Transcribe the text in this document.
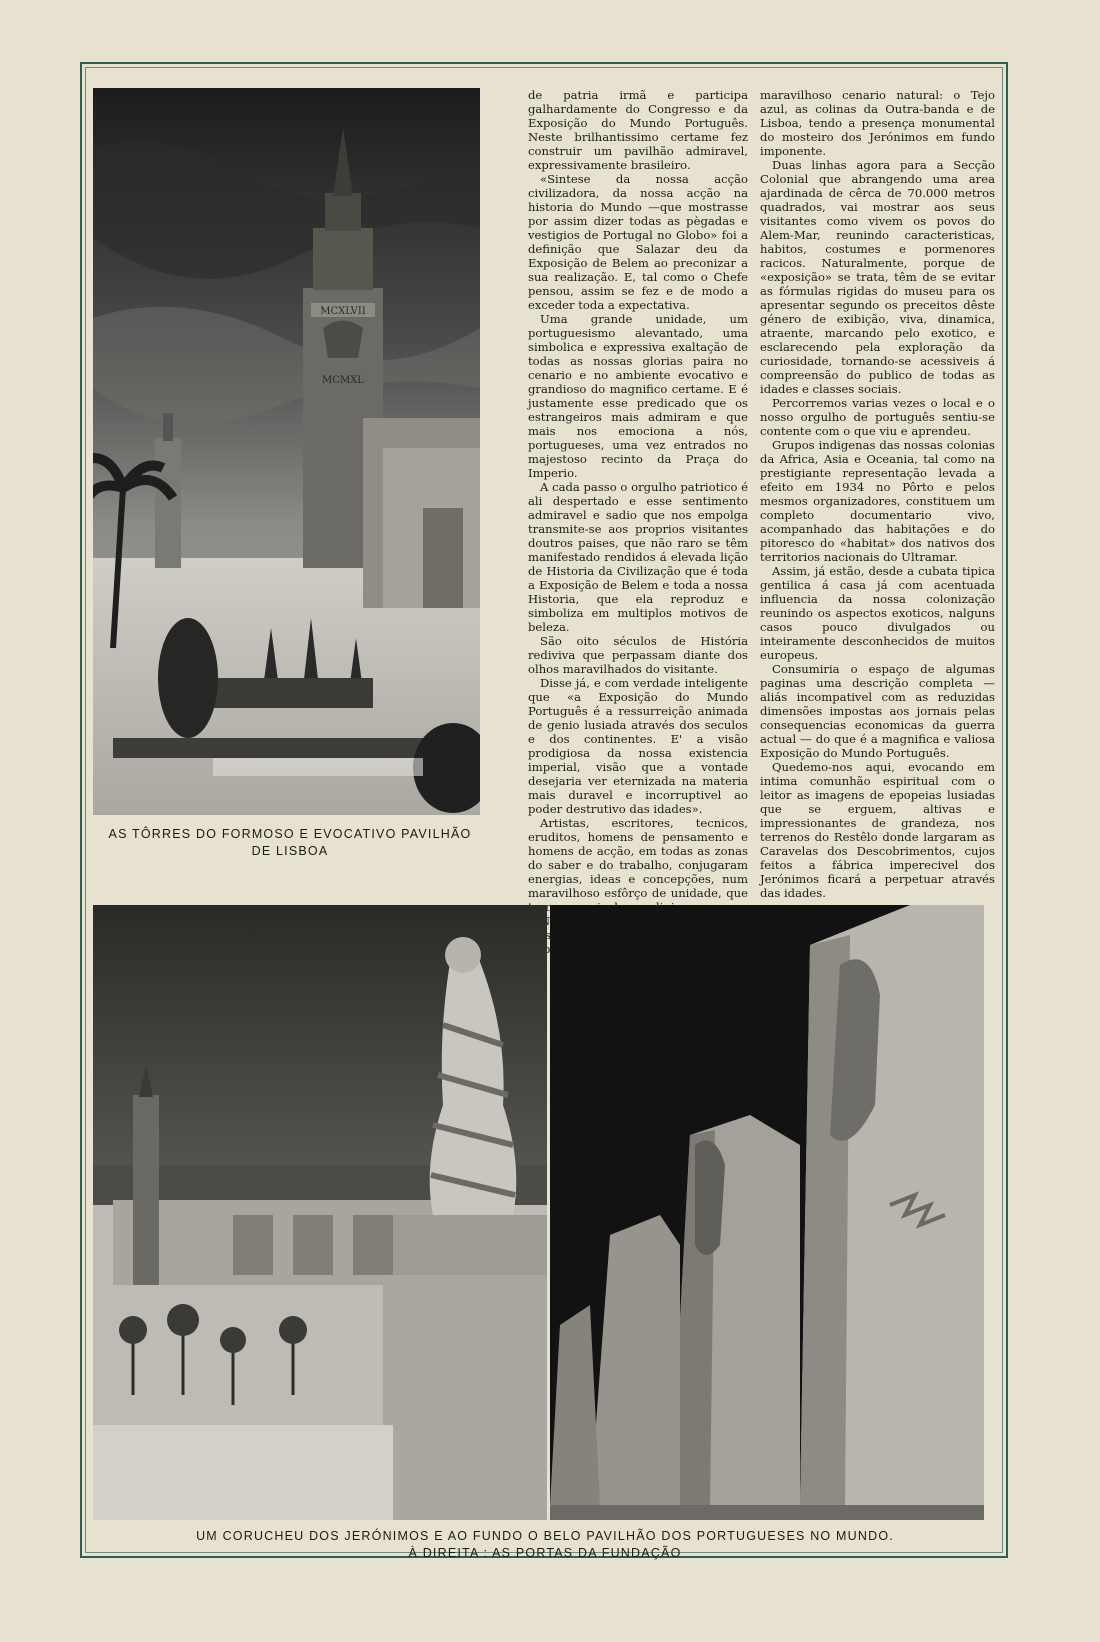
MCXLVII
MCMXL
AS TÔRRES DO FORMOSO E EVOCATIVO PAVILHÃO DE LISBOA

de patria irmã e participa galhardamente do Congresso e da Exposição do Mundo Português. Neste brilhantissimo certame fez construir um pavilhão admiravel, expressivamente brasileiro.

«Sintese da nossa acção civilizadora, da nossa acção na historia do Mundo —que mostrasse por assim dizer todas as pègadas e vestigios de Portugal no Globo» foi a definição que Salazar deu da Exposição de Belem ao preconizar a sua realização. E, tal como o Chefe pensou, assim se fez e de modo a exceder toda a expectativa.

Uma grande unidade, um portuguesismo alevantado, uma simbolica e expressiva exaltação de todas as nossas glorias paira no cenario e no ambiente evocativo e grandioso do magnifico certame. E é justamente esse predicado que os estrangeiros mais admiram e que mais nos emociona a nós, portugueses, uma vez entrados no majestoso recinto da Praça do Imperio.

A cada passo o orgulho patriotico é ali despertado e esse sentimento admiravel e sadio que nos empolga transmite-se aos proprios visitantes doutros paises, que não raro se têm manifestado rendidos á elevada lição de Historia da Civilização que é toda a Exposição de Belem e toda a nossa Historia, que ela reproduz e simboliza em multiplos motivos de beleza.

São oito séculos de História rediviva que perpassam diante dos olhos maravilhados do visitante.

Disse já, e com verdade inteligente que «a Exposição do Mundo Português é a ressurreição animada de genio lusiada através dos seculos e dos continentes. E' a visão prodigiosa da nossa existencia imperial, visão que a vontade desejaria ver eternizada na materia mais duravel e incorruptivel ao poder destrutivo das idades».

Artistas, escritores, tecnicos, eruditos, homens de pensamento e homens de acção, em todas as zonas do saber e do trabalho, conjugaram energias, ideas e concepções, num maravilhoso esfôrço de unidade, que tornou

maravilhoso cenario natural: o Tejo azul, as colinas da Outra-banda e de Lisboa, tendo a presença monumental do mosteiro dos Jerónimos em fundo imponente.

Duas linhas agora para a Secção Colonial que abrangendo uma area ajardinada de cêrca de 70.000 metros quadrados, vai mostrar aos seus visitantes como vivem os povos do Alem-Mar, reunindo caracteristicas, habitos, costumes e pormenores racicos. Naturalmente, porque de «exposição» se trata, têm de se evitar as fórmulas rigidas do museu para os apresentar segundo os preceitos dêste género de exibição, viva, dinamica, atraente, marcando pelo exotico, e esclarecendo pela exploração da curiosidade, tornando-se acessiveis á compreensão do publico de todas as idades e classes sociais.

Percorremos varias vezes o local e o nosso orgulho de português sentiu-se contente com o que viu e aprendeu.

Grupos indigenas das nossas colonias da Africa, Asia e Oceania, tal como na prestigiante representação levada a efeito em 1934 no Pôrto e pelos mesmos organizadores, constituem um completo documentario vivo, acompanhado das habitações e do pitoresco do «habitat» dos nativos dos territorios nacionais do Ultramar.

Assim, já estão, desde a cubata tipica gentilica á casa já com acentuada influencia da nossa colonização reunindo os aspectos exoticos, nalguns casos pouco divulgados ou inteiramente desconhecidos de muitos europeus.

Consumiria o espaço de algumas paginas uma descrição completa — aliás incompativel com as reduzidas dimensões impostas aos jornais pelas consequencias economicas da guerra actual — do que é a magnifica e valiosa Exposição do Mundo Português.

Quedemo-nos aqui, evocando em intima comunhão espiritual com o leitor as imagens de epopeias lusiadas que se erguem, altivas e impressionantes de grandeza, nos terrenos do Restêlo donde largaram as Caravelas dos Descobrimentos, cujos feitos a fábrica imperecivel dos Jerónimos ficará a perpetuar através das idades.

UM CORUCHEU DOS JERÓNIMOS E AO FUNDO O BELO PAVILHÃO DOS PORTUGUESES NO MUNDO.
À DIREITA : AS PORTAS DA FUNDAÇÃO
